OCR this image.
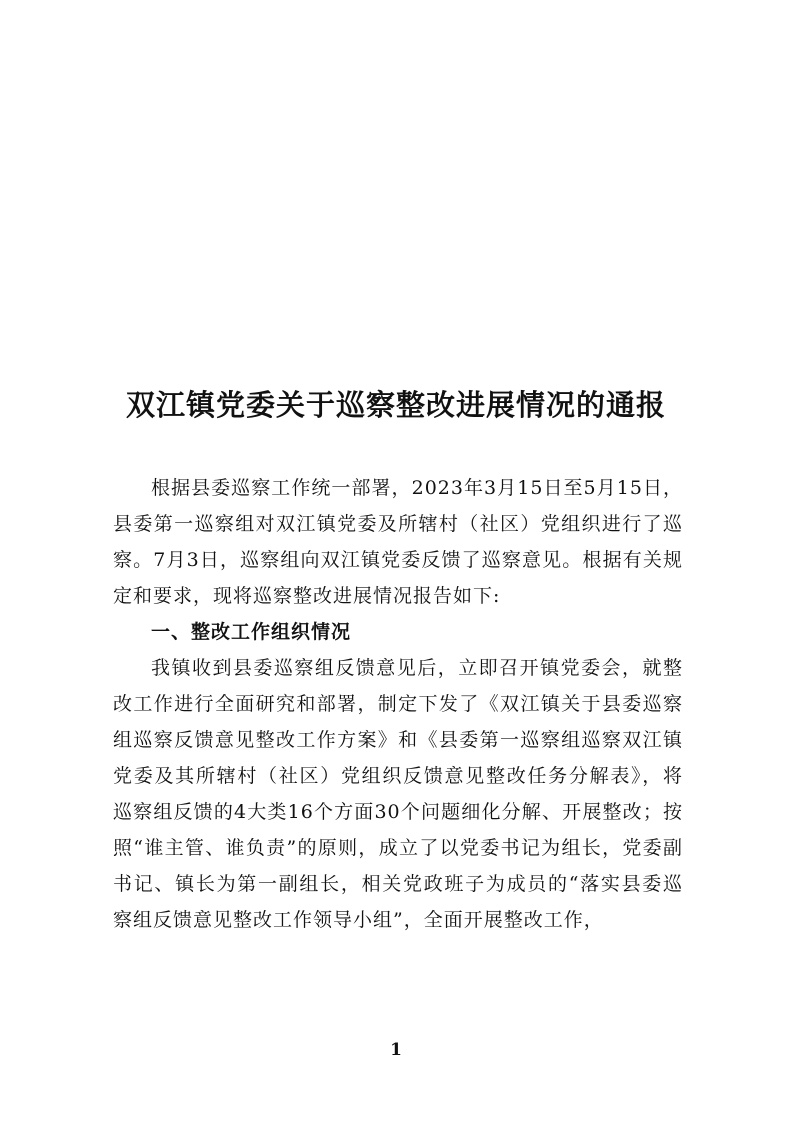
双江镇党委关于巡察整改进展情况的通报

根据县委巡察工作统一部署，2023年3月15日至5月15日，县委第一巡察组对双江镇党委及所辖村（社区）党组织进行了巡察。7月3日，巡察组向双江镇党委反馈了巡察意见。根据有关规定和要求，现将巡察整改进展情况报告如下:

一、整改工作组织情况

我镇收到县委巡察组反馈意见后，立即召开镇党委会，就整改工作进行全面研究和部署，制定下发了《双江镇关于县委巡察组巡察反馈意见整改工作方案》和《县委第一巡察组巡察双江镇党委及其所辖村（社区）党组织反馈意见整改任务分解表》，将巡察组反馈的4大类16个方面30个问题细化分解、开展整改；按照“谁主管、谁负责”的原则，成立了以党委书记为组长，党委副书记、镇长为第一副组长，相关党政班子为成员的“落实县委巡察组反馈意见整改工作领导小组”，全面开展整改工作，

1
